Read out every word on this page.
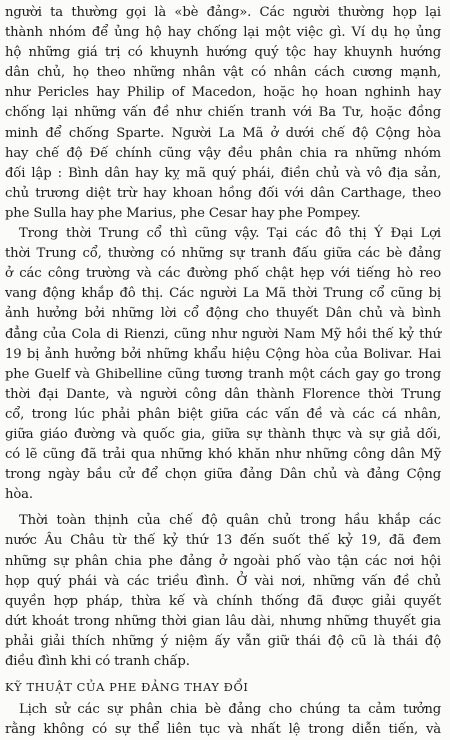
người ta thường gọi là «bè đảng». Các người thường họp lại
thành nhóm để ủng hộ hay chống lại một việc gì. Ví dụ họ ủng
hộ những giá trị có khuynh hướng quý tộc hay khuynh hướng
dân chủ, họ theo những nhân vật có nhân cách cương mạnh,
như Pericles hay Philip of Macedon, hoặc họ hoan nghinh hay
chống lại những vấn đề như chiến tranh với Ba Tư, hoặc đồng
minh để chống Sparte. Người La Mã ở dưới chế độ Cộng hòa
hay chế độ Đế chính cũng vậy đều phân chia ra những nhóm
đối lập : Bình dân hay kỵ mã quý phái, điền chủ và vô địa sản,
chủ trương diệt trừ hay khoan hồng đối với dân Carthage, theo
phe Sulla hay phe Marius, phe Cesar hay phe Pompey.

Trong thời Trung cổ thì cũng vậy. Tại các đô thị Ý Đại Lợi
thời Trung cổ, thường có những sự tranh đấu giữa các bè đảng
ở các công trường và các đường phố chật hẹp với tiếng hò reo
vang động khắp đô thị. Các người La Mã thời Trung cổ cũng bị
ảnh hưởng bởi những lời cổ động cho thuyết Dân chủ và bình
đẳng của Cola di Rienzi, cũng như người Nam Mỹ hồi thế kỷ thứ
19 bị ảnh hưởng bởi những khẩu hiệu Cộng hòa của Bolivar. Hai
phe Guelf và Ghibelline cũng tương tranh một cách gay go trong
thời đại Dante, và người công dân thành Florence thời Trung
cổ, trong lúc phải phân biệt giữa các vấn đề và các cá nhân,
giữa giáo đường và quốc gia, giữa sự thành thực và sự giả dối,
có lẽ cũng đã trải qua những khó khăn như những công dân Mỹ
trong ngày bầu cử để chọn giữa đảng Dân chủ và đảng Cộng
hòa.

Thời toàn thịnh của chế độ quân chủ trong hầu khắp các
nước Âu Châu từ thế kỷ thứ 13 đến suốt thế kỷ 19, đã đem
những sự phân chia phe đảng ở ngoài phố vào tận các nơi hội
họp quý phái và các triều đình. Ở vài nơi, những vấn đề chủ
quyền hợp pháp, thừa kế và chính thống đã được giải quyết
dứt khoát trong những thời gian lâu dài, nhưng những thuyết gia
phải giải thích những ý niệm ấy vẫn giữ thái độ cũ là thái độ
điều đình khi có tranh chấp.

KỸ THUẬT CỦA PHE ĐẢNG THAY ĐỔI

Lịch sử các sự phân chia bè đảng cho chúng ta cảm tưởng
rằng không có sự thể liên tục và nhất lệ trong diễn tiến, và
